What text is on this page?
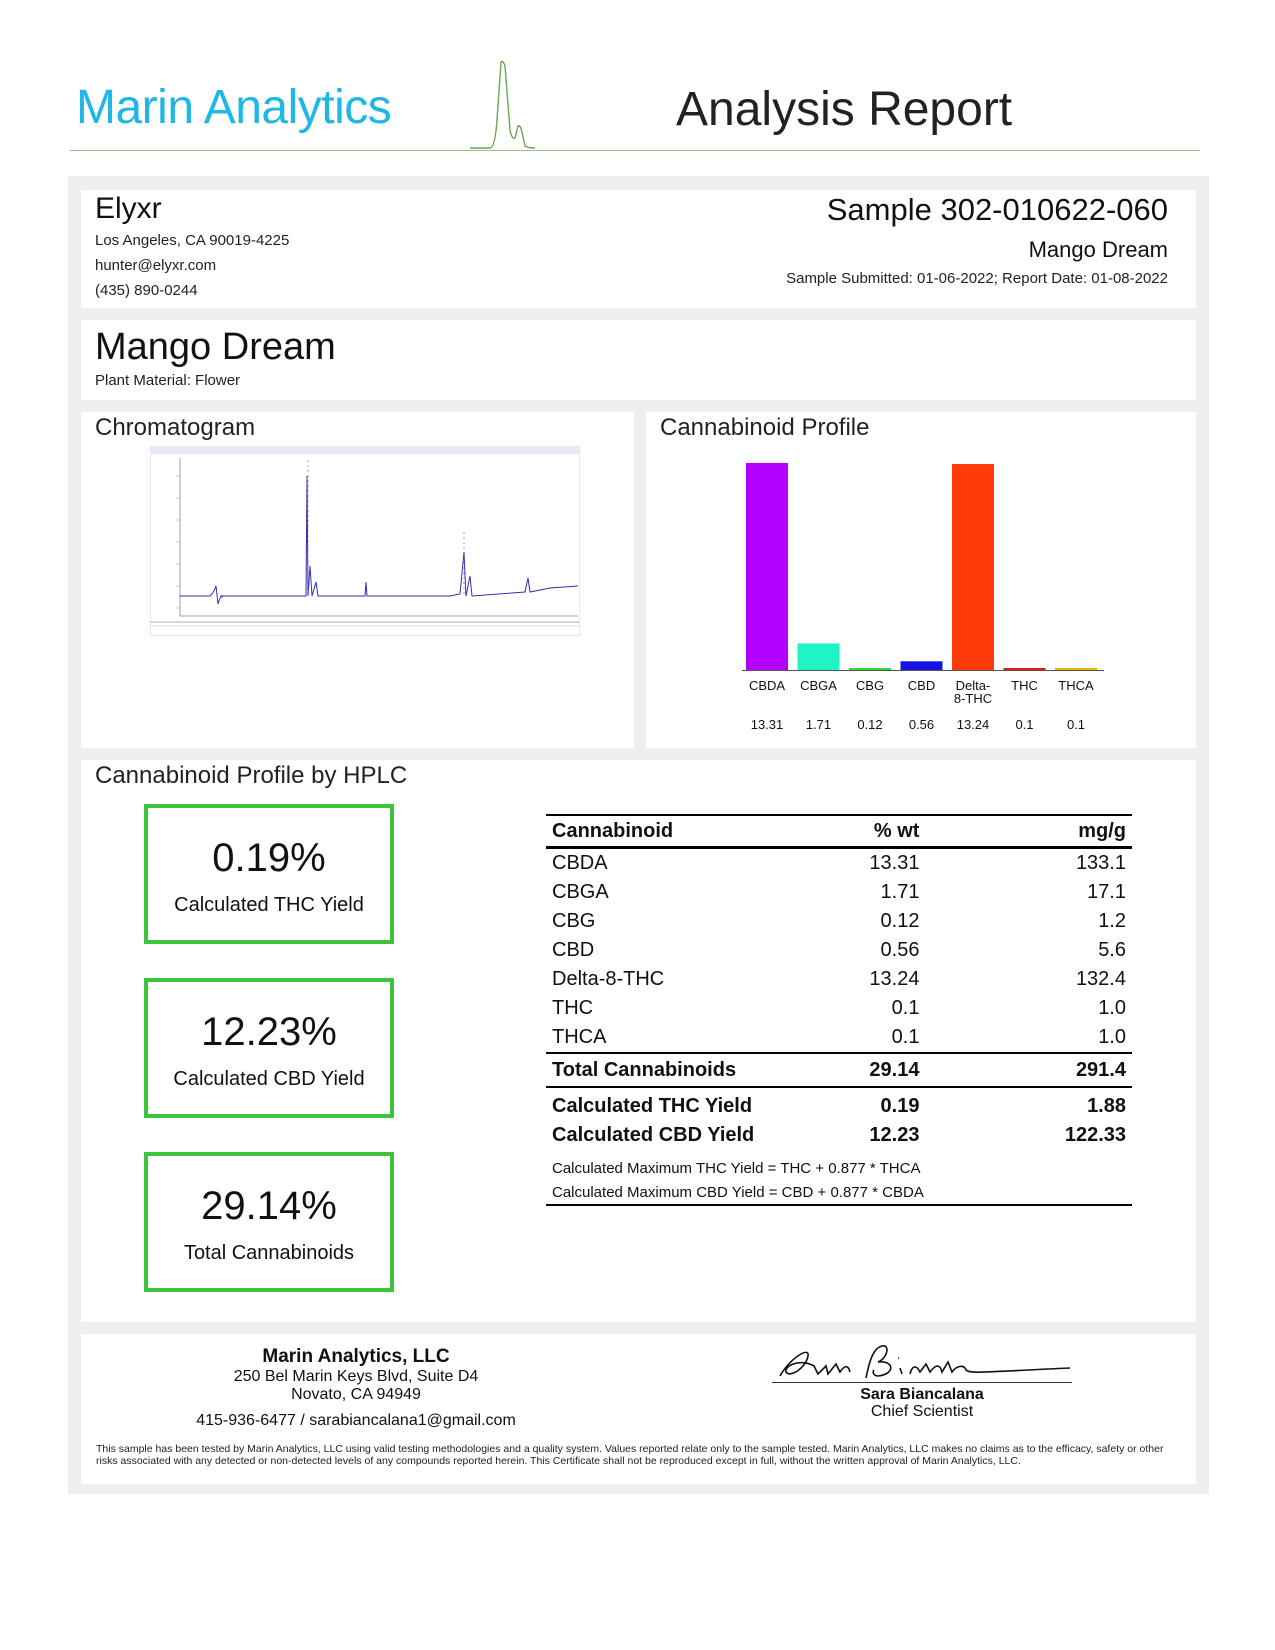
Marin Analytics	Analysis Report
Elyxr
Los Angeles, CA 90019-4225
hunter@elyxr.com
(435) 890-0244
Sample 302-010622-060
Mango Dream
Sample Submitted: 01-06-2022; Report Date: 01-08-2022
Mango Dream
Plant Material: Flower
Chromatogram	Cannabinoid Profile
CBDA
13.31
CBGA
1.71
CBG
0.12
CBD
0.56
Delta-
8-THC
13.24
THC
0.1
THCA
0.1
Cannabinoid Profile by HPLC
0.19%
Calculated THC Yield
12.23%
Calculated CBD Yield
29.14%
Total Cannabinoids
Cannabinoid	% wt	mg/g
CBDA	13.31	133.1
CBGA	1.71	17.1
CBG	0.12	1.2
CBD	0.56	5.6
Delta-8-THC	13.24	132.4
THC	0.1	1.0
THCA	0.1	1.0
Total Cannabinoids	29.14	291.4
Calculated THC Yield	0.19	1.88
Calculated CBD Yield	12.23	122.33
Calculated Maximum THC Yield = THC + 0.877 * THCA		
Calculated Maximum CBD Yield = CBD + 0.877 * CBDA		
Marin Analytics, LLC
250 Bel Marin Keys Blvd, Suite D4
Novato, CA 94949
415-936-6477 / sarabiancalana1@gmail.com
Sara Biancalana
Chief Scientist
This sample has been tested by Marin Analytics, LLC using valid testing methodologies and a quality system. Values reported relate only to the sample tested. Marin Analytics, LLC makes no claims as to the efficacy, safety or other risks associated with any detected or non-detected levels of any compounds reported herein. This Certificate shall not be reproduced except in full, without the written approval of Marin Analytics, LLC.
